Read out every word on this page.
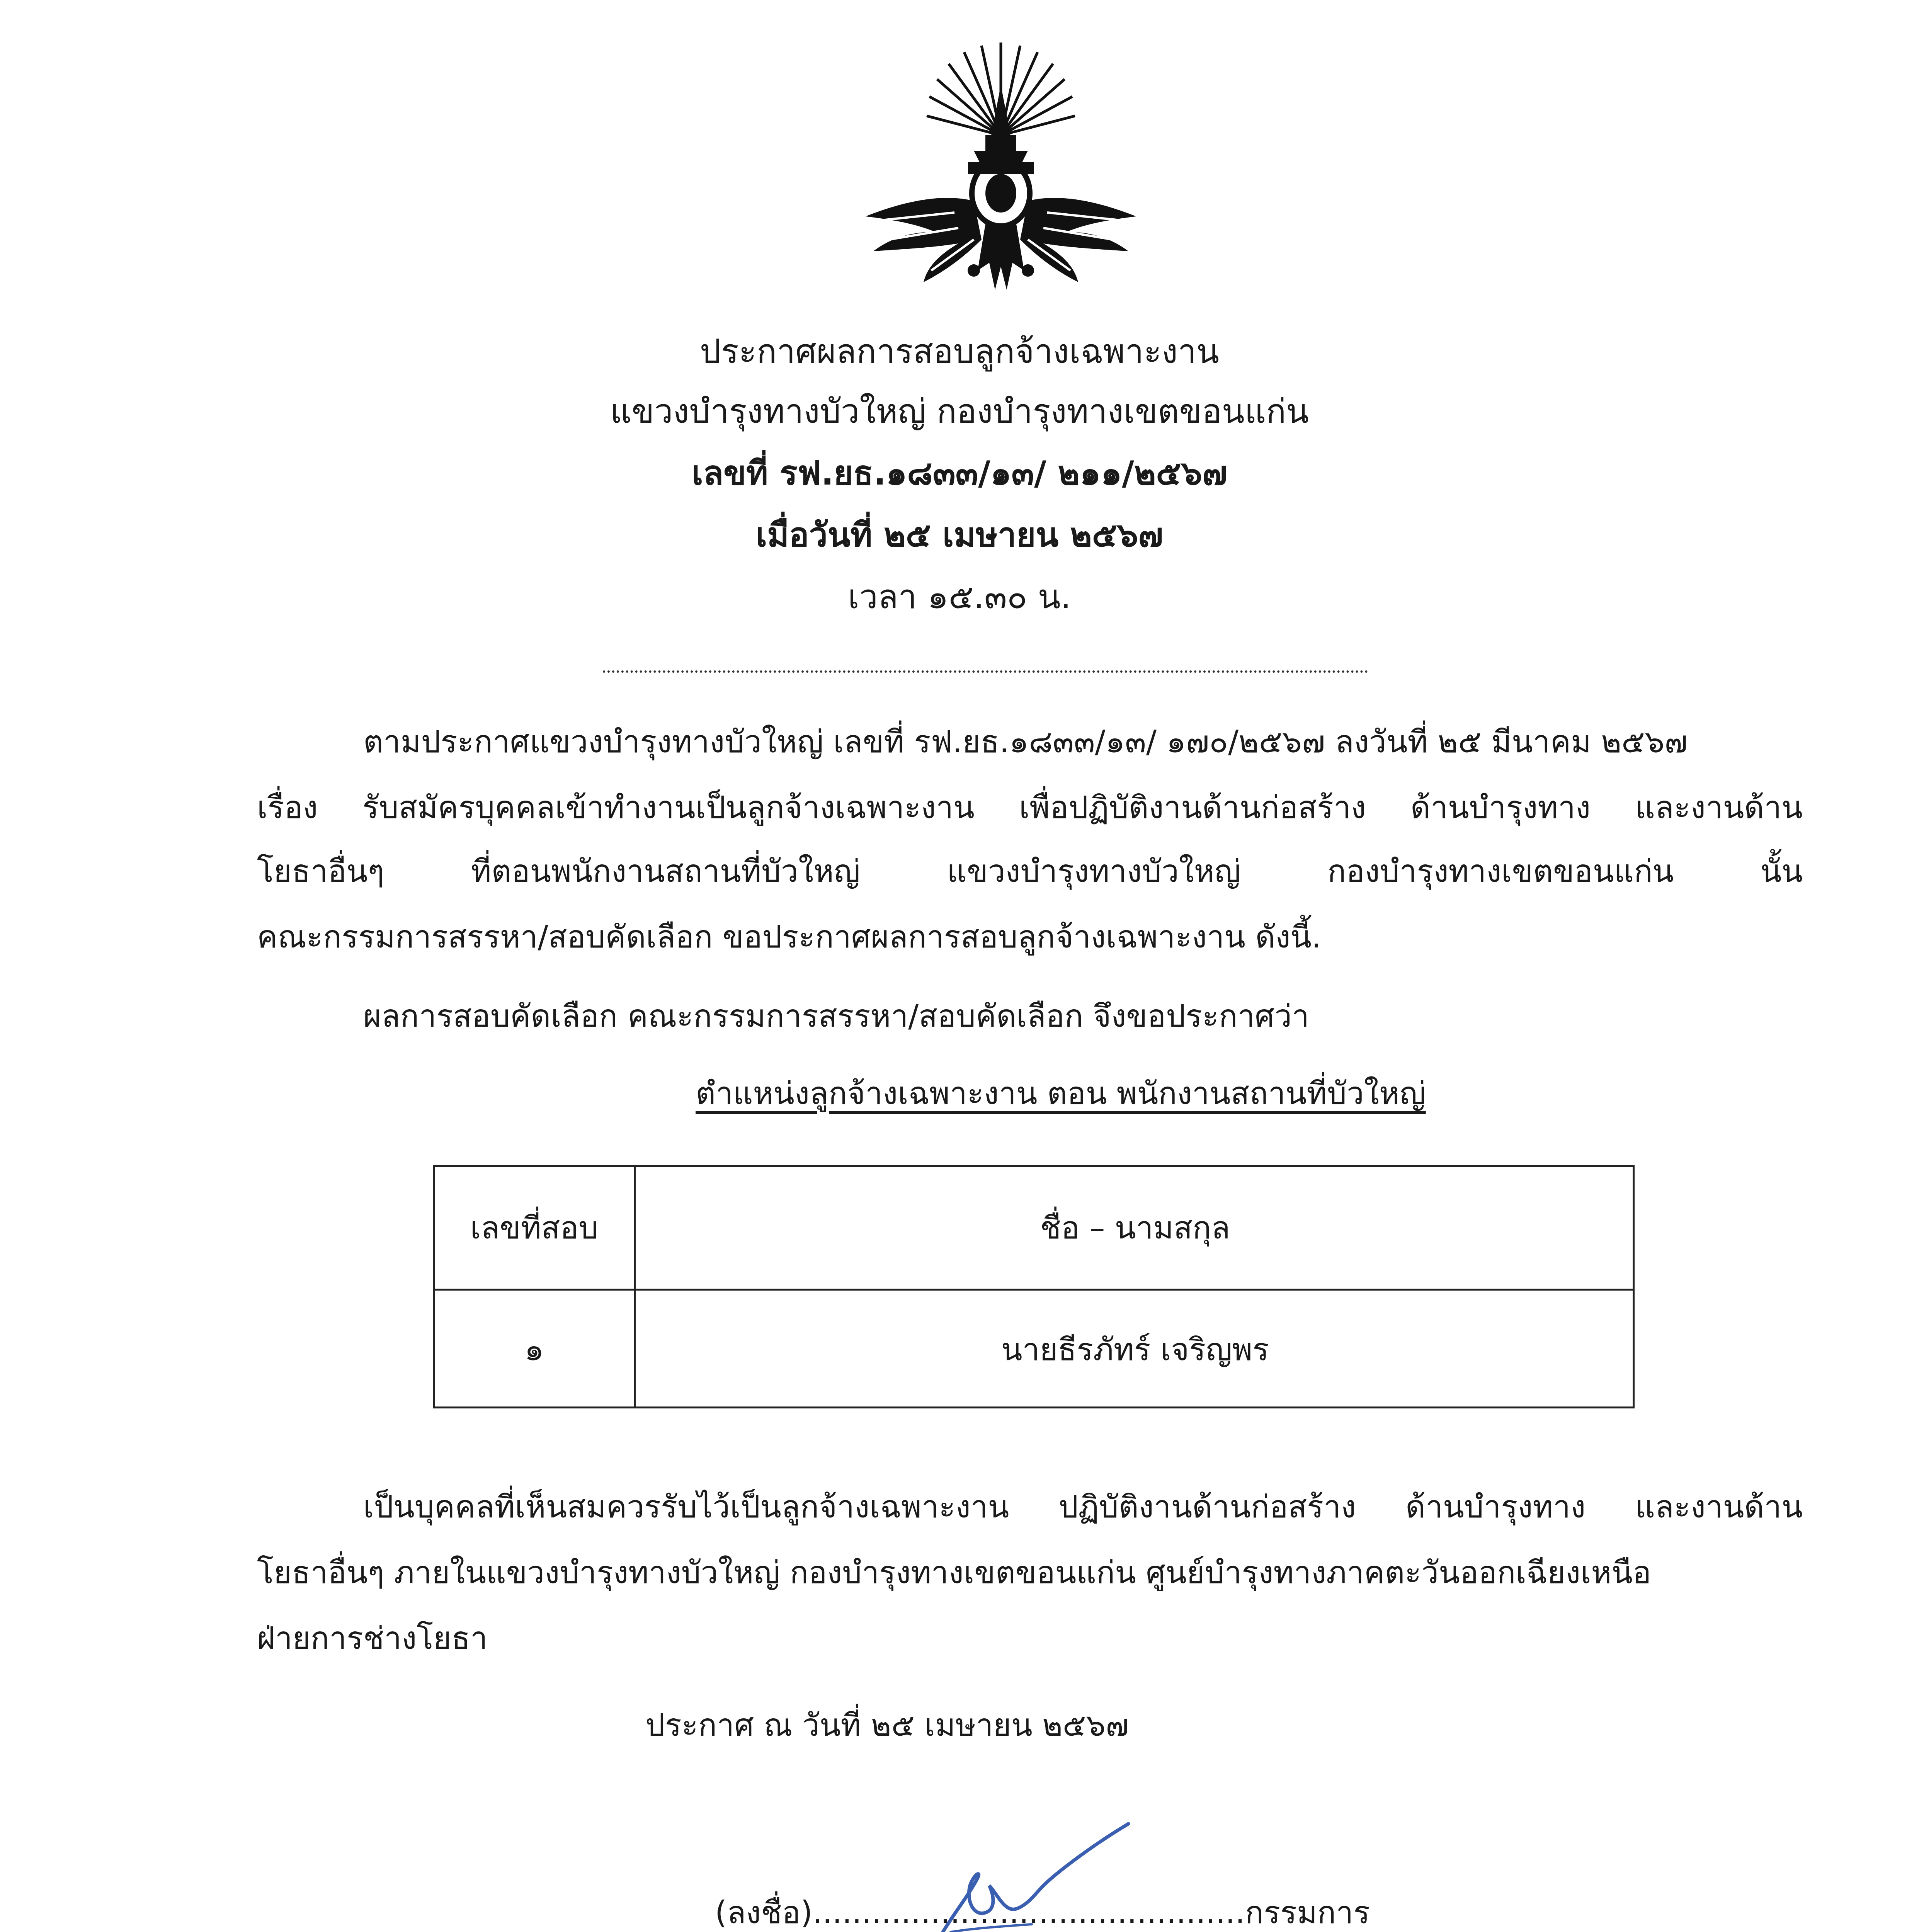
ประกาศผลการสอบลูกจ้างเฉพาะงาน
แขวงบำรุงทางบัวใหญ่ กองบำรุงทางเขตขอนแก่น
เลขที่ รฟ.ยธ.๑๘๓๓/๑๓/ ๒๑๑/๒๕๖๗
เมื่อวันที่ ๒๕ เมษายน ๒๕๖๗
เวลา ๑๕.๓๐ น.
ตามประกาศแขวงบำรุงทางบัวใหญ่ เลขที่ รฟ.ยธ.๑๘๓๓/๑๓/ ๑๗๐/๒๕๖๗ ลงวันที่ ๒๕ มีนาคม ๒๕๖๗
เรื่อง รับสมัครบุคคลเข้าทำงานเป็นลูกจ้างเฉพาะงาน เพื่อปฏิบัติงานด้านก่อสร้าง ด้านบำรุงทาง และงานด้าน
โยธาอื่นๆ ที่ตอนพนักงานสถานที่บัวใหญ่ แขวงบำรุงทางบัวใหญ่ กองบำรุงทางเขตขอนแก่น นั้น
คณะกรรมการสรรหา/สอบคัดเลือก ขอประกาศผลการสอบลูกจ้างเฉพาะงาน ดังนี้.
ผลการสอบคัดเลือก คณะกรรมการสรรหา/สอบคัดเลือก จึงขอประกาศว่า
ตำแหน่งลูกจ้างเฉพาะงาน ตอน พนักงานสถานที่บัวใหญ่
เลขที่สอบ	ชื่อ – นามสกุล
๑	นายธีรภัทร์ เจริญพร
เป็นบุคคลที่เห็นสมควรรับไว้เป็นลูกจ้างเฉพาะงาน ปฏิบัติงานด้านก่อสร้าง ด้านบำรุงทาง และงานด้าน
โยธาอื่นๆ ภายในแขวงบำรุงทางบัวใหญ่ กองบำรุงทางเขตขอนแก่น ศูนย์บำรุงทางภาคตะวันออกเฉียงเหนือ
ฝ่ายการช่างโยธา
ประกาศ ณ วันที่ ๒๕ เมษายน ๒๕๖๗
(ลงชื่อ)............................................กรรมการ
